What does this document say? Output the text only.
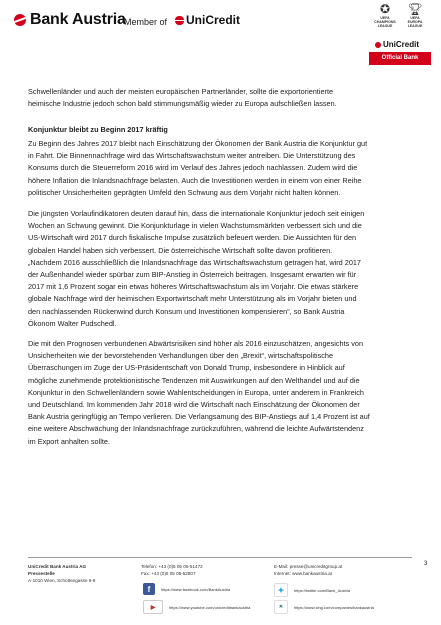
Bank Austria
Member of UniCredit
✪
UEFA CHAMPIONS LEAGUE
🏆︎
UEFA EUROPA LEAGUE
UniCredit
Official Bank

Schwellenländer und auch der meisten europäischen Partnerländer, sollte die exportorientierte

heimische Industrie jedoch schon bald stimmungsmäßig wieder zu Europa aufschließen lassen.

Konjunktur bleibt zu Beginn 2017 kräftig

Zu Beginn des Jahres 2017 bleibt nach Einschätzung der Ökonomen der Bank Austria die Konjunktur gut

in Fahrt. Die Binnennachfrage wird das Wirtschaftswachstum weiter antreiben. Die Unterstützung des

Konsums durch die Steuerreform 2016 wird im Verlauf des Jahres jedoch nachlassen. Zudem wird die

höhere Inflation die Inlandsnachfrage belasten. Auch die Investitionen werden in einem von einer Reihe

politischer Unsicherheiten geprägten Umfeld den Schwung aus dem Vorjahr nicht halten können.

Die jüngsten Vorlaufindikatoren deuten darauf hin, dass die internationale Konjunktur jedoch seit einigen

Wochen an Schwung gewinnt. Die Konjunkturlage in vielen Wachstumsmärkten verbessert sich und die

US-Wirtschaft wird 2017 durch fiskalische Impulse zusätzlich befeuert werden. Die Aussichten für den

globalen Handel haben sich verbessert. Die österreichische Wirtschaft sollte davon profitieren.

„Nachdem 2016 ausschließlich die Inlandsnachfrage das Wirtschaftswachstum getragen hat, wird 2017

der Außenhandel wieder spürbar zum BIP-Anstieg in Österreich beitragen. Insgesamt erwarten wir für

2017 mit 1,6 Prozent sogar ein etwas höheres Wirtschaftswachstum als im Vorjahr. Die etwas stärkere

globale Nachfrage wird der heimischen Exportwirtschaft mehr Unterstützung als im Vorjahr bieten und

den nachlassenden Rückenwind durch Konsum und Investitionen kompensieren“, so Bank Austria

Ökonom Walter Pudschedl.

Die mit den Prognosen verbundenen Abwärtsrisiken sind höher als 2016 einzuschätzen, angesichts von

Unsicherheiten wie der bevorstehenden Verhandlungen über den „Brexit“, wirtschaftspolitische

Überraschungen im Zuge der US-Präsidentschaft von Donald Trump, insbesondere in Hinblick auf

mögliche zunehmende protektionistische Tendenzen mit Auswirkungen auf den Welthandel und auf die

Konjunktur in den Schwellenländern sowie Wahlentscheidungen in Europa, unter anderem in Frankreich

und Deutschland. Im kommenden Jahr 2018 wird die Wirtschaft nach Einschätzung der Ökonomen der

Bank Austria geringfügig an Tempo verlieren. Die Verlangsamung des BIP-Anstiegs auf 1,4 Prozent ist auf

eine weitere Abschwächung der Inlandsnachfrage zurückzuführen, während die leichte Aufwärtstendenz

im Export anhalten sollte.

3
UniCredit Bank Austria AG
Pressestelle
A-1010 Wien, Schottengasse 6-8
Telefon: +43 (0)5 05 05-51472
Fax: +43 (0)5 05 05-52807
E-Mail: presse@unicreditgroup.at
Internet: www.bankaustria.at
f	https://www.facebook.com/BankAustria
▶	https://www.youtube.com/unicreditbankaustria
✦	https://twitter.com/Bank_Austria
✕	https://www.xing.com/companies/bankaustria
